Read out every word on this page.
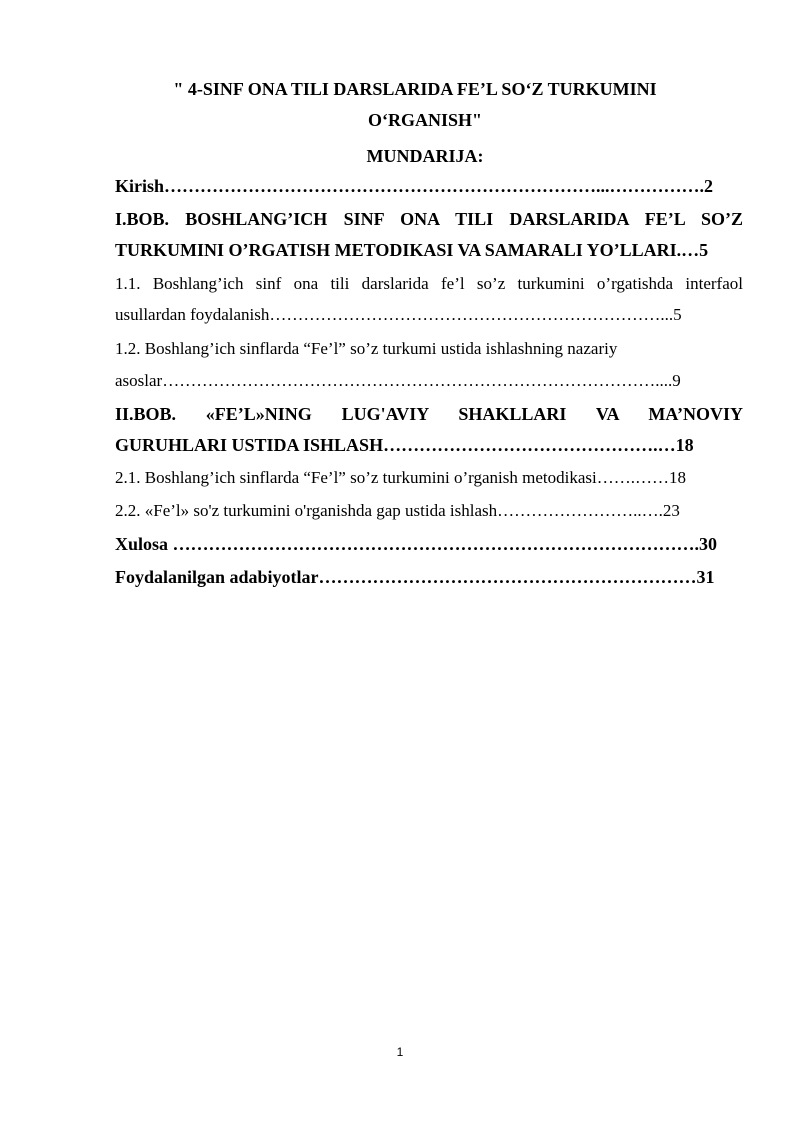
" 4-SINF ONA TILI DARSLARIDA FE’L SO‘Z TURKUMINI
O‘RGANISH"
MUNDARIJA:
Kirish………………………………………………………………...…………….2
I.BOB. BOSHLANG’ICH SINF ONA TILI DARSLARIDA FE’L SO’Z
TURKUMINI O’RGATISH METODIKASI VA SAMARALI YO’LLARI.…5
1.1. Boshlang’ich sinf ona tili darslarida fe’l so’z turkumini o’rgatishda interfaol
usullardan foydalanish……………………………………………………………...5
1.2. Boshlang’ich sinflarda “Fe’l” so’z turkumi ustida ishlashning nazariy
asoslar……………………………………………………………………………....9
II.BOB. «FE’L»NING LUG'AVIY SHAKLLARI VA MA’NOVIY
GURUHLARI USTIDA ISHLASH……………………………………….…18
2.1. Boshlang’ich sinflarda “Fe’l” so’z turkumini o’rganish metodikasi…….……18
2.2. «Fe’l» so'z turkumini o'rganishda gap ustida ishlash……………………..….23
Xulosa …………………………………………………………………………….30
Foydalanilgan adabiyotlar………………………………………………………31
1
